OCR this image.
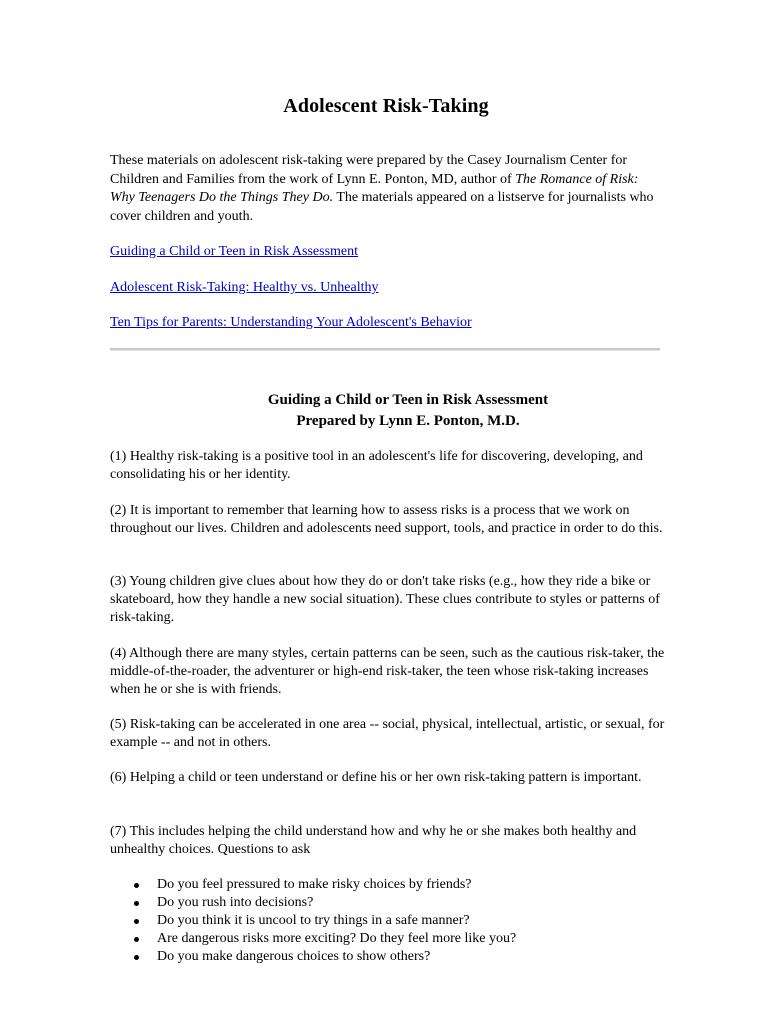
Adolescent Risk-Taking

These materials on adolescent risk-taking were prepared by the Casey Journalism Center for Children and Families from the work of Lynn E. Ponton, MD, author of The Romance of Risk: Why Teenagers Do the Things They Do. The materials appeared on a listserve for journalists who cover children and youth.

Guiding a Child or Teen in Risk Assessment
Adolescent Risk-Taking: Healthy vs. Unhealthy
Ten Tips for Parents: Understanding Your Adolescent's Behavior
Guiding a Child or Teen in Risk Assessment
Prepared by Lynn E. Ponton, M.D.

(1) Healthy risk-taking is a positive tool in an adolescent's life for discovering, developing, and consolidating his or her identity.

(2) It is important to remember that learning how to assess risks is a process that we work on throughout our lives. Children and adolescents need support, tools, and practice in order to do this.

(3) Young children give clues about how they do or don't take risks (e.g., how they ride a bike or skateboard, how they handle a new social situation). These clues contribute to styles or patterns of risk-taking.

(4) Although there are many styles, certain patterns can be seen, such as the cautious risk-taker, the middle-of-the-roader, the adventurer or high-end risk-taker, the teen whose risk-taking increases when he or she is with friends.

(5) Risk-taking can be accelerated in one area -- social, physical, intellectual, artistic, or sexual, for example -- and not in others.

(6) Helping a child or teen understand or define his or her own risk-taking pattern is important.

(7) This includes helping the child understand how and why he or she makes both healthy and unhealthy choices. Questions to ask

Do you feel pressured to make risky choices by friends?
Do you rush into decisions?
Do you think it is uncool to try things in a safe manner?
Are dangerous risks more exciting? Do they feel more like you?
Do you make dangerous choices to show others?
